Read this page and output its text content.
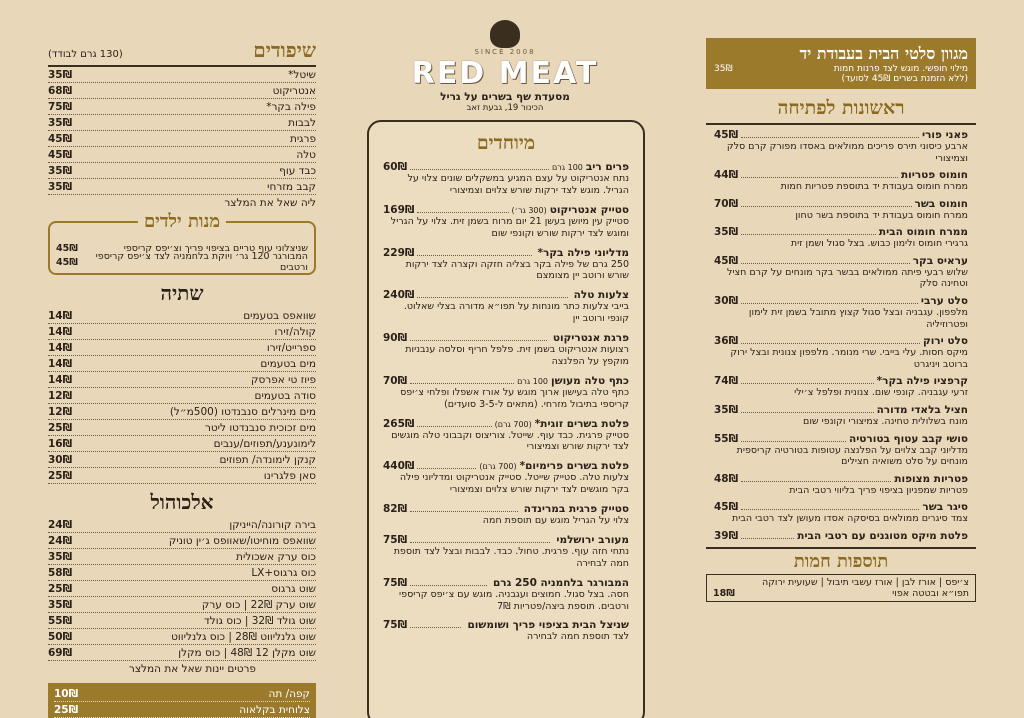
שיפודים
(130 גרם לבודד)
שיטל*
35₪
אנטריקוט
68₪
פילה בקר*
75₪
לבבות
35₪
פרגית
45₪
טלה
45₪
כבד עוף
35₪
קבב מזרחי
35₪
ליה שאל את המלצר
מנות ילדים
שניצלוני עוף טריים בציפוי פריך וצ׳יפס קריספי
45₪
המבורגר 120 גר׳ ויוקת בלחמניה לצד צ׳יפס קריספי ורטבים
45₪
שתיה
שוואפס בטעמים
14₪
קולה/זירו
14₪
ספרייט/זירו
14₪
מים בטעמים
14₪
פיוז טי אפרסק
14₪
סודה בטעמים
12₪
מים מינרלים סנבנדטו (500מ״ל)
12₪
מים זכוכית סנבנדטו ליטר
25₪
לימונענע/תפוזים/ענבים
16₪
קנקן לימונדה/ תפוזים
30₪
סאן פלגרינו
25₪
אלכוהול
בירה קורונה/הייניקן
24₪
שוואפס מוחיטו/שאוופס ג׳ין טוניק
24₪
כוס ערק אשכולית
35₪
כוס גרגוס+LX
58₪
שוט גרגוס
25₪
שוט ערק 22₪ | כוס ערק
35₪
שוט גולד 32₪ | כוס גולד
55₪
שוט גלנליווט 28₪ | כוס גלנליווט
50₪
שוט מקלן 12 48₪ | כוס מקלן
69₪
פרטים יינות שאל את המלצר
קפה/ תה
10₪
צלוחית בקלאוה
25₪
SINCE 2008
RED MEAT
מסעדת שף בשרים על גריל
הכינור 19, גבעת זאב
מיוחדים
פרים ריב
100 גרם
60₪
נתח אנטריקוט על עצם המגיע במשקלים שונים צלוי על הגריל. מוגש לצד ירקות שורש צלוים וצמיצורי
סטייק אנטריקוט
(300 גר׳)
169₪
סטייק עין מיושן בעשן 21 יום מרוח בשמן זית. צלוי על הגריל ומוגש לצד ירקות שורש וקונפי שום
מדליוני פילה בקר*
229₪
250 גרם של פילה בקר בצליה חזקה וקצרה לצד ירקות שורש ורוטב יין מצומצם
צלעות טלה
240₪
בייבי צלעות כתר מונחות על תפו״א מדורה בצלי שאלוט. קונפי ורוטב יין
פרגת אנטריקוט
90₪
רצועות אנטריקוט בשמן זית. פלפל חריף וסלסה ענבניות מוקפץ על הפלנצה
כתף טלה מעושן
100 גרם
70₪
כתף טלה בעישון ארוך מוגש על אורז אשפלו ופלחי צ׳יפס קריספי בתיבול מזרחי. (מתאים ל-3-5 סועדים)
פלטת בשרים זוגית*
(700 גרם)
265₪
סטייק פרגית. כבד עוף. שייטל. צוריצוס וקבבוני טלה מוגשים לצד ירקות שורש וצמיצורי
פלטת בשרים פרימיום*
(700 גרם)
440₪
צלעות טלה. סטייק שייטל. סטייק אנטריקוט ומדליוני פילה בקר מוגשים לצד ירקות שורש צלוים וצמיצורי
סטייק פרגית במרינדה
82₪
צלוי על הגריל מוגש עם תוספת חמה
מעורב ירושלמי
75₪
נתחי חזה עוף. פרגית. טחול. כבד. לבבות ובצל לצד תוספת חמה לבחירה
המבורגר בלחמניה 250 גרם
75₪
חסה. בצל סגול. חמוצים ועגבניה. מוגש עם צ׳יפס קריספי ורטבים. תוספת ביצה/פטריות 7₪
שניצל הבית בציפוי פריך ושומשום
75₪
לצד תוספת חמה לבחירה
מגוון סלטי הבית בעבודת יד
מילוי חופשי. מוגש לצד פרנות חמות
35₪
(ללא הזמנת בשרים 45₪ לסועד)
ראשונות לפתיחה
פאני פורי
45₪
ארבע כיסוני תירס פריכים ממולאים באסדו מפורק קרם סלק וצמיצורי
חומוס פטריות
44₪
ממרח חומוס בעבודת יד בתוספת פטריות חמות
חומוס בשר
70₪
ממרח חומוס בעבודת יד בתוספת בשר טחון
ממרח חומוס הבית
35₪
גרגירי חומוס ולימון כבוש. בצל סגול ושמן זית
עראיס בקר
45₪
שלוש רבעי פיתה ממולאים בבשר בקר מונחים על קרם חציל וטחינה סלק
סלט ערבי
30₪
מלפפון. עגבניה ובצל סגול קצוץ מתובל בשמן זית לימון ופטרוזיליה
סלט ירוק
36₪
מיקס חסות. עלי בייבי. שרי מנומר. מלפפון צנונית ובצל ירוק ברוטב ויניגרט
קרפציו פילה בקר*
74₪
זרעי עגבניה. קונפי שום. צנונית ופלפל צ׳ילי
חציל בלאדי מדורה
35₪
מונח בשלולית טחינה. צמיצורי וקונפי שום
סושי קבב עטוף בטורטיה
55₪
מדליוני קבב צלוים על הפלנצה עטופות בטורטיה קריספית מונחים על סלט משואיה חצילים
פטריות מצופות
48₪
פטריות שמפניון בציפוי פריך בליווי רטבי הבית
סיגר בשר
45₪
צמד סיגרים ממולאים בסיסקה אסדו מעושן לצד רטבי הבית
פלטת מיקס מטוגנים עם רטבי הבית
39₪
תוספות חמות
צ׳יפס | אורז לבן | אורז עשבי תיבול | שעועית ירוקה
תפו״א ובטטה אפוי
18₪
